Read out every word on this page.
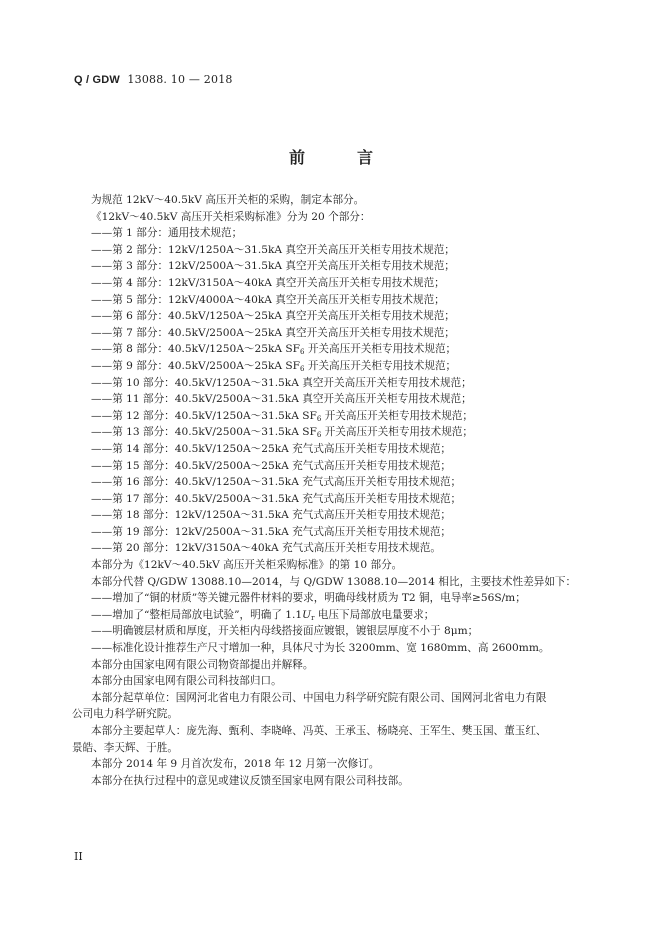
Q / GDW 13088. 10 — 2018
前　言
为规范 12kV～40.5kV 高压开关柜的采购，制定本部分。
《12kV～40.5kV 高压开关柜采购标准》分为 20 个部分：
——第 1 部分：通用技术规范；
——第 2 部分：12kV/1250A～31.5kA 真空开关高压开关柜专用技术规范；
——第 3 部分：12kV/2500A～31.5kA 真空开关高压开关柜专用技术规范；
——第 4 部分：12kV/3150A～40kA 真空开关高压开关柜专用技术规范；
——第 5 部分：12kV/4000A～40kA 真空开关高压开关柜专用技术规范；
——第 6 部分：40.5kV/1250A～25kA 真空开关高压开关柜专用技术规范；
——第 7 部分：40.5kV/2500A～25kA 真空开关高压开关柜专用技术规范；
——第 8 部分：40.5kV/1250A～25kA $SF_6$ 开关高压开关柜专用技术规范；
——第 9 部分：40.5kV/2500A～25kA $SF_6$ 开关高压开关柜专用技术规范；
——第 10 部分：40.5kV/1250A～31.5kA 真空开关高压开关柜专用技术规范；
——第 11 部分：40.5kV/2500A～31.5kA 真空开关高压开关柜专用技术规范；
——第 12 部分：40.5kV/1250A～31.5kA $SF_6$ 开关高压开关柜专用技术规范；
——第 13 部分：40.5kV/2500A～31.5kA $SF_6$ 开关高压开关柜专用技术规范；
——第 14 部分：40.5kV/1250A～25kA 充气式高压开关柜专用技术规范；
——第 15 部分：40.5kV/2500A～25kA 充气式高压开关柜专用技术规范；
——第 16 部分：40.5kV/1250A～31.5kA 充气式高压开关柜专用技术规范；
——第 17 部分：40.5kV/2500A～31.5kA 充气式高压开关柜专用技术规范；
——第 18 部分：12kV/1250A～31.5kA 充气式高压开关柜专用技术规范；
——第 19 部分：12kV/2500A～31.5kA 充气式高压开关柜专用技术规范；
——第 20 部分：12kV/3150A～40kA 充气式高压开关柜专用技术规范。
本部分为《12kV～40.5kV 高压开关柜采购标准》的第 10 部分。
本部分代替 Q/GDW 13088.10—2014，与 Q/GDW 13088.10—2014 相比，主要技术性差异如下：
——增加了“铜的材质”等关键元器件材料的要求，明确母线材质为 T2 铜，电导率≥56S/m；
——增加了“整柜局部放电试验”，明确了 $1.1U_r$ 电压下局部放电量要求；
——明确镀层材质和厚度，开关柜内母线搭接面应镀银，镀银层厚度不小于 8μm；
——标准化设计推荐生产尺寸增加一种，具体尺寸为长 3200mm、宽 1680mm、高 2600mm。
本部分由国家电网有限公司物资部提出并解释。
本部分由国家电网有限公司科技部归口。
本部分起草单位：国网河北省电力有限公司、中国电力科学研究院有限公司、国网河北省电力有限
公司电力科学研究院。
本部分主要起草人：庞先海、甄利、李晓峰、冯英、王承玉、杨晓亮、王军生、樊玉国、董玉红、
景皓、李天辉、于胜。
本部分 2014 年 9 月首次发布，2018 年 12 月第一次修订。
本部分在执行过程中的意见或建议反馈至国家电网有限公司科技部。
II
